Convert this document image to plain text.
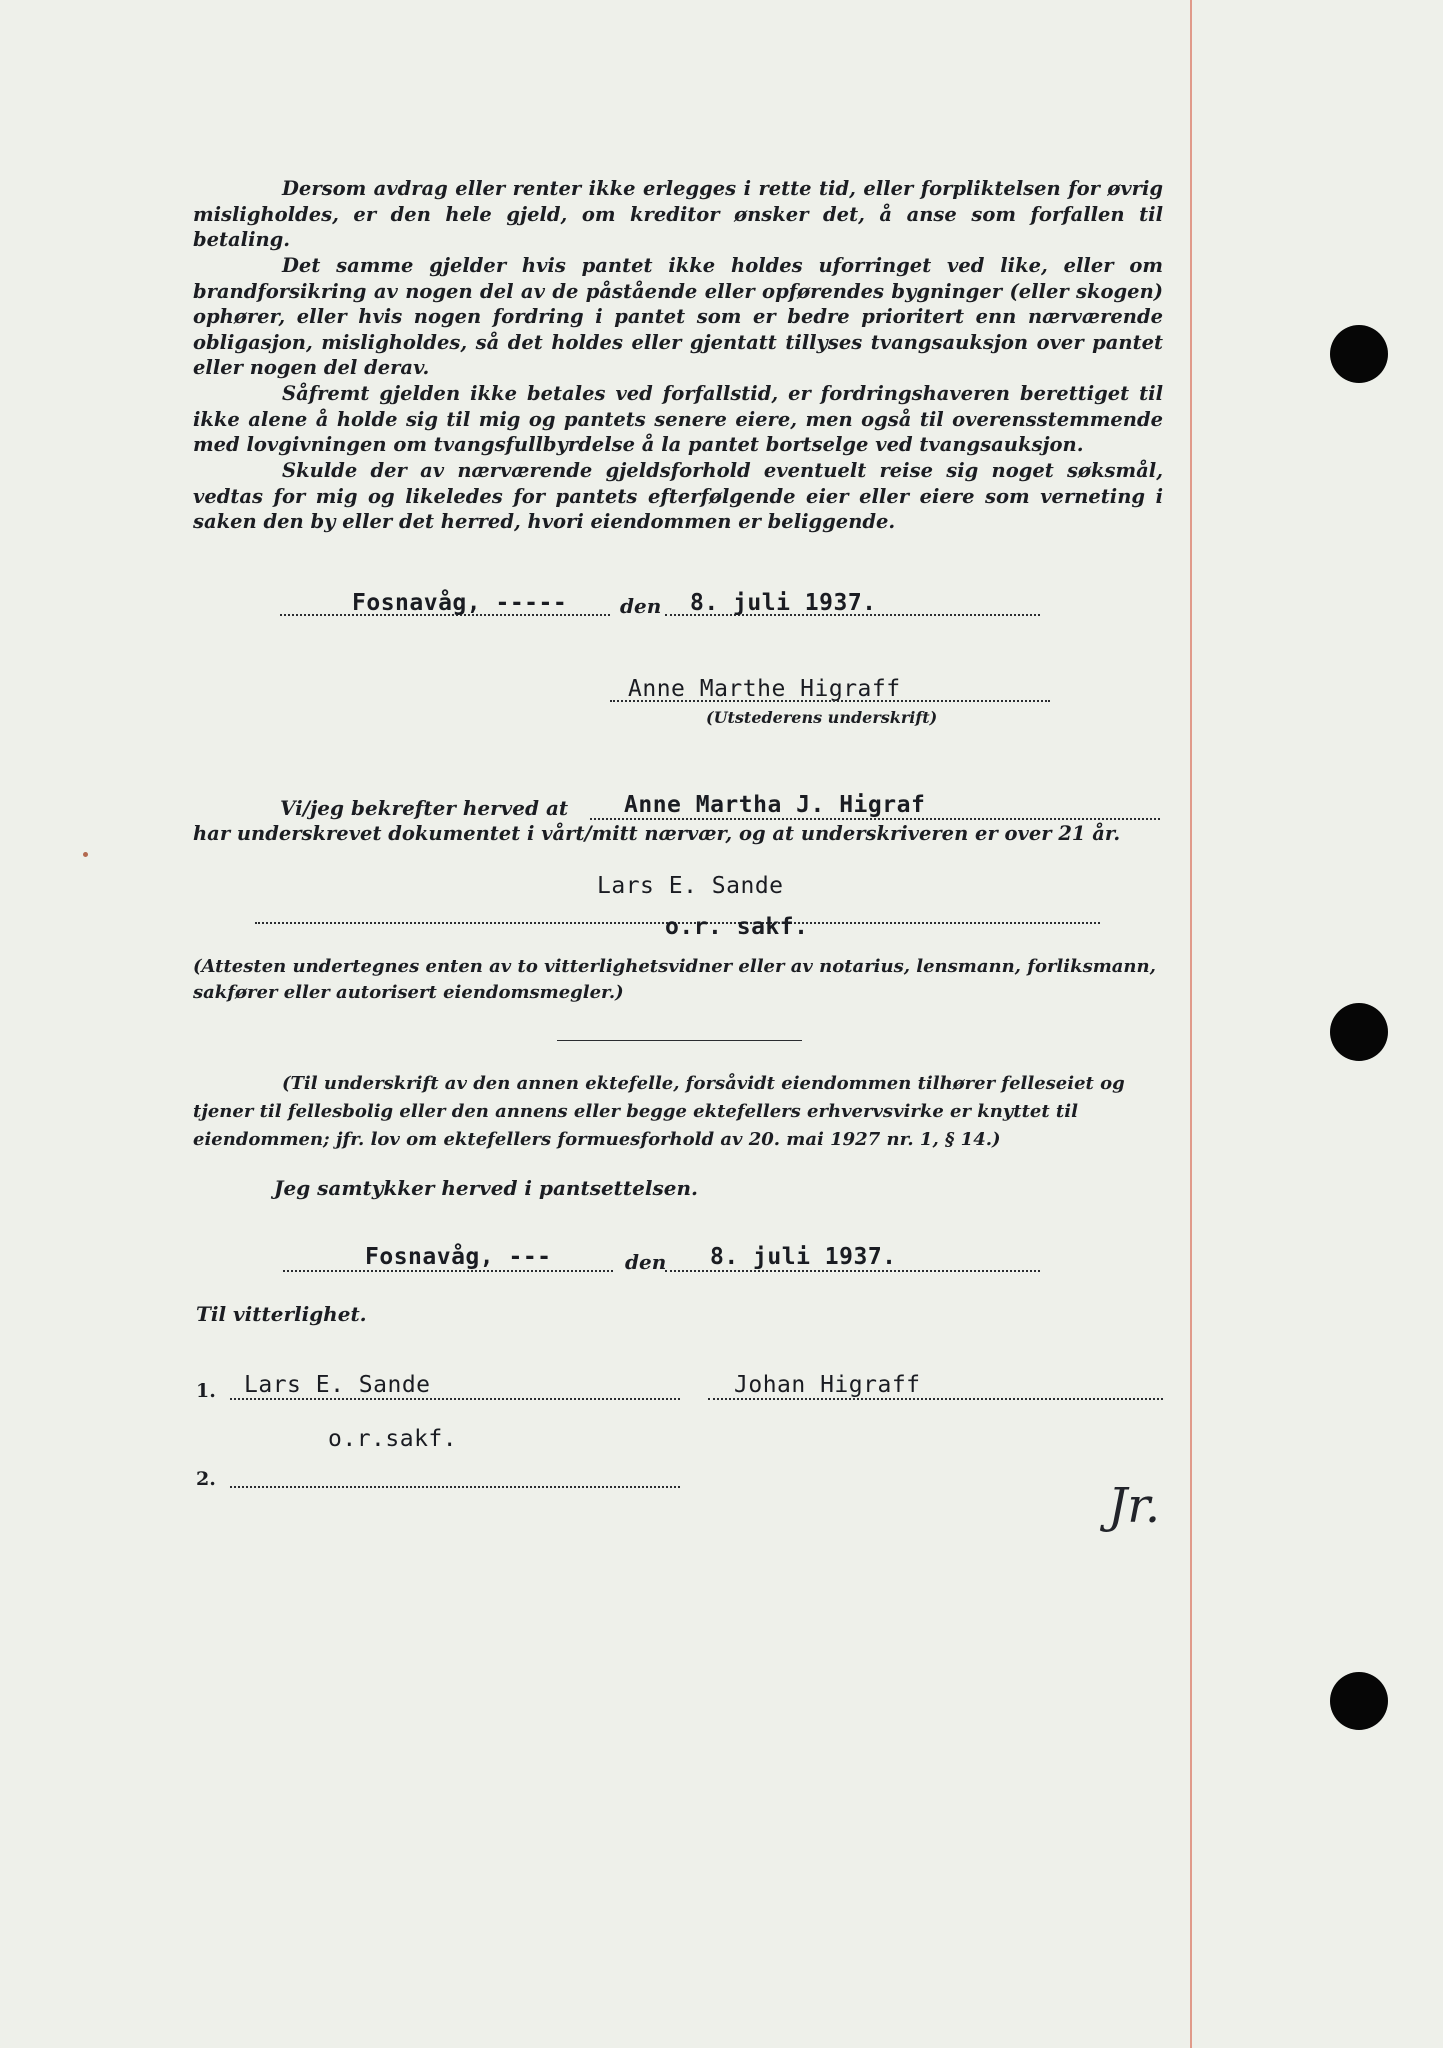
Dersom avdrag eller renter ikke erlegges i rette tid, eller forpliktelsen for øvrig misligholdes, er den hele gjeld, om kreditor ønsker det, å anse som forfallen til betaling.

Det samme gjelder hvis pantet ikke holdes uforringet ved like, eller om brandforsikring av nogen del av de påstående eller opførendes bygninger (eller skogen) ophører, eller hvis nogen fordring i pantet som er bedre prioritert enn nærværende obligasjon, misligholdes, så det holdes eller gjentatt tillyses tvangsauksjon over pantet eller nogen del derav.

Såfremt gjelden ikke betales ved forfallstid, er fordringshaveren berettiget til ikke alene å holde sig til mig og pantets senere eiere, men også til overensstemmende med lovgivningen om tvangsfullbyrdelse å la pantet bortselge ved tvangsauksjon.

Skulde der av nærværende gjeldsforhold eventuelt reise sig noget søksmål, vedtas for mig og likeledes for pantets efterfølgende eier eller eiere som verneting i saken den by eller det herred, hvori eiendommen er beliggende.

Fosnavåg, -----	den 8. juli 1937.
Anne Marthe Higraff
(Utstederens underskrift)
Vi/jeg bekrefter herved at Anne Martha J. Higraf
har underskrevet dokumentet i vårt/mitt nærvær, og at underskriveren er over 21 år.
Lars E. Sande
o.r. sakf.

(Attesten undertegnes enten av to vitterlighetsvidner eller av notarius, lensmann, forliksmann, sakfører eller autorisert eiendomsmegler.)

(Til underskrift av den annen ektefelle, forsåvidt eiendommen tilhører felleseiet og tjener til fellesbolig eller den annens eller begge ektefellers erhvervsvirke er knyttet til eiendommen; jfr. lov om ektefellers formuesforhold av 20. mai 1927 nr. 1, § 14.)

Jeg samtykker herved i pantsettelsen.
Fosnavåg, ---	den 8. juli 1937.
Til vitterlighet.
1. Lars E. Sande	Johan Higraff
o.r.sakf.
2.	Jr.
